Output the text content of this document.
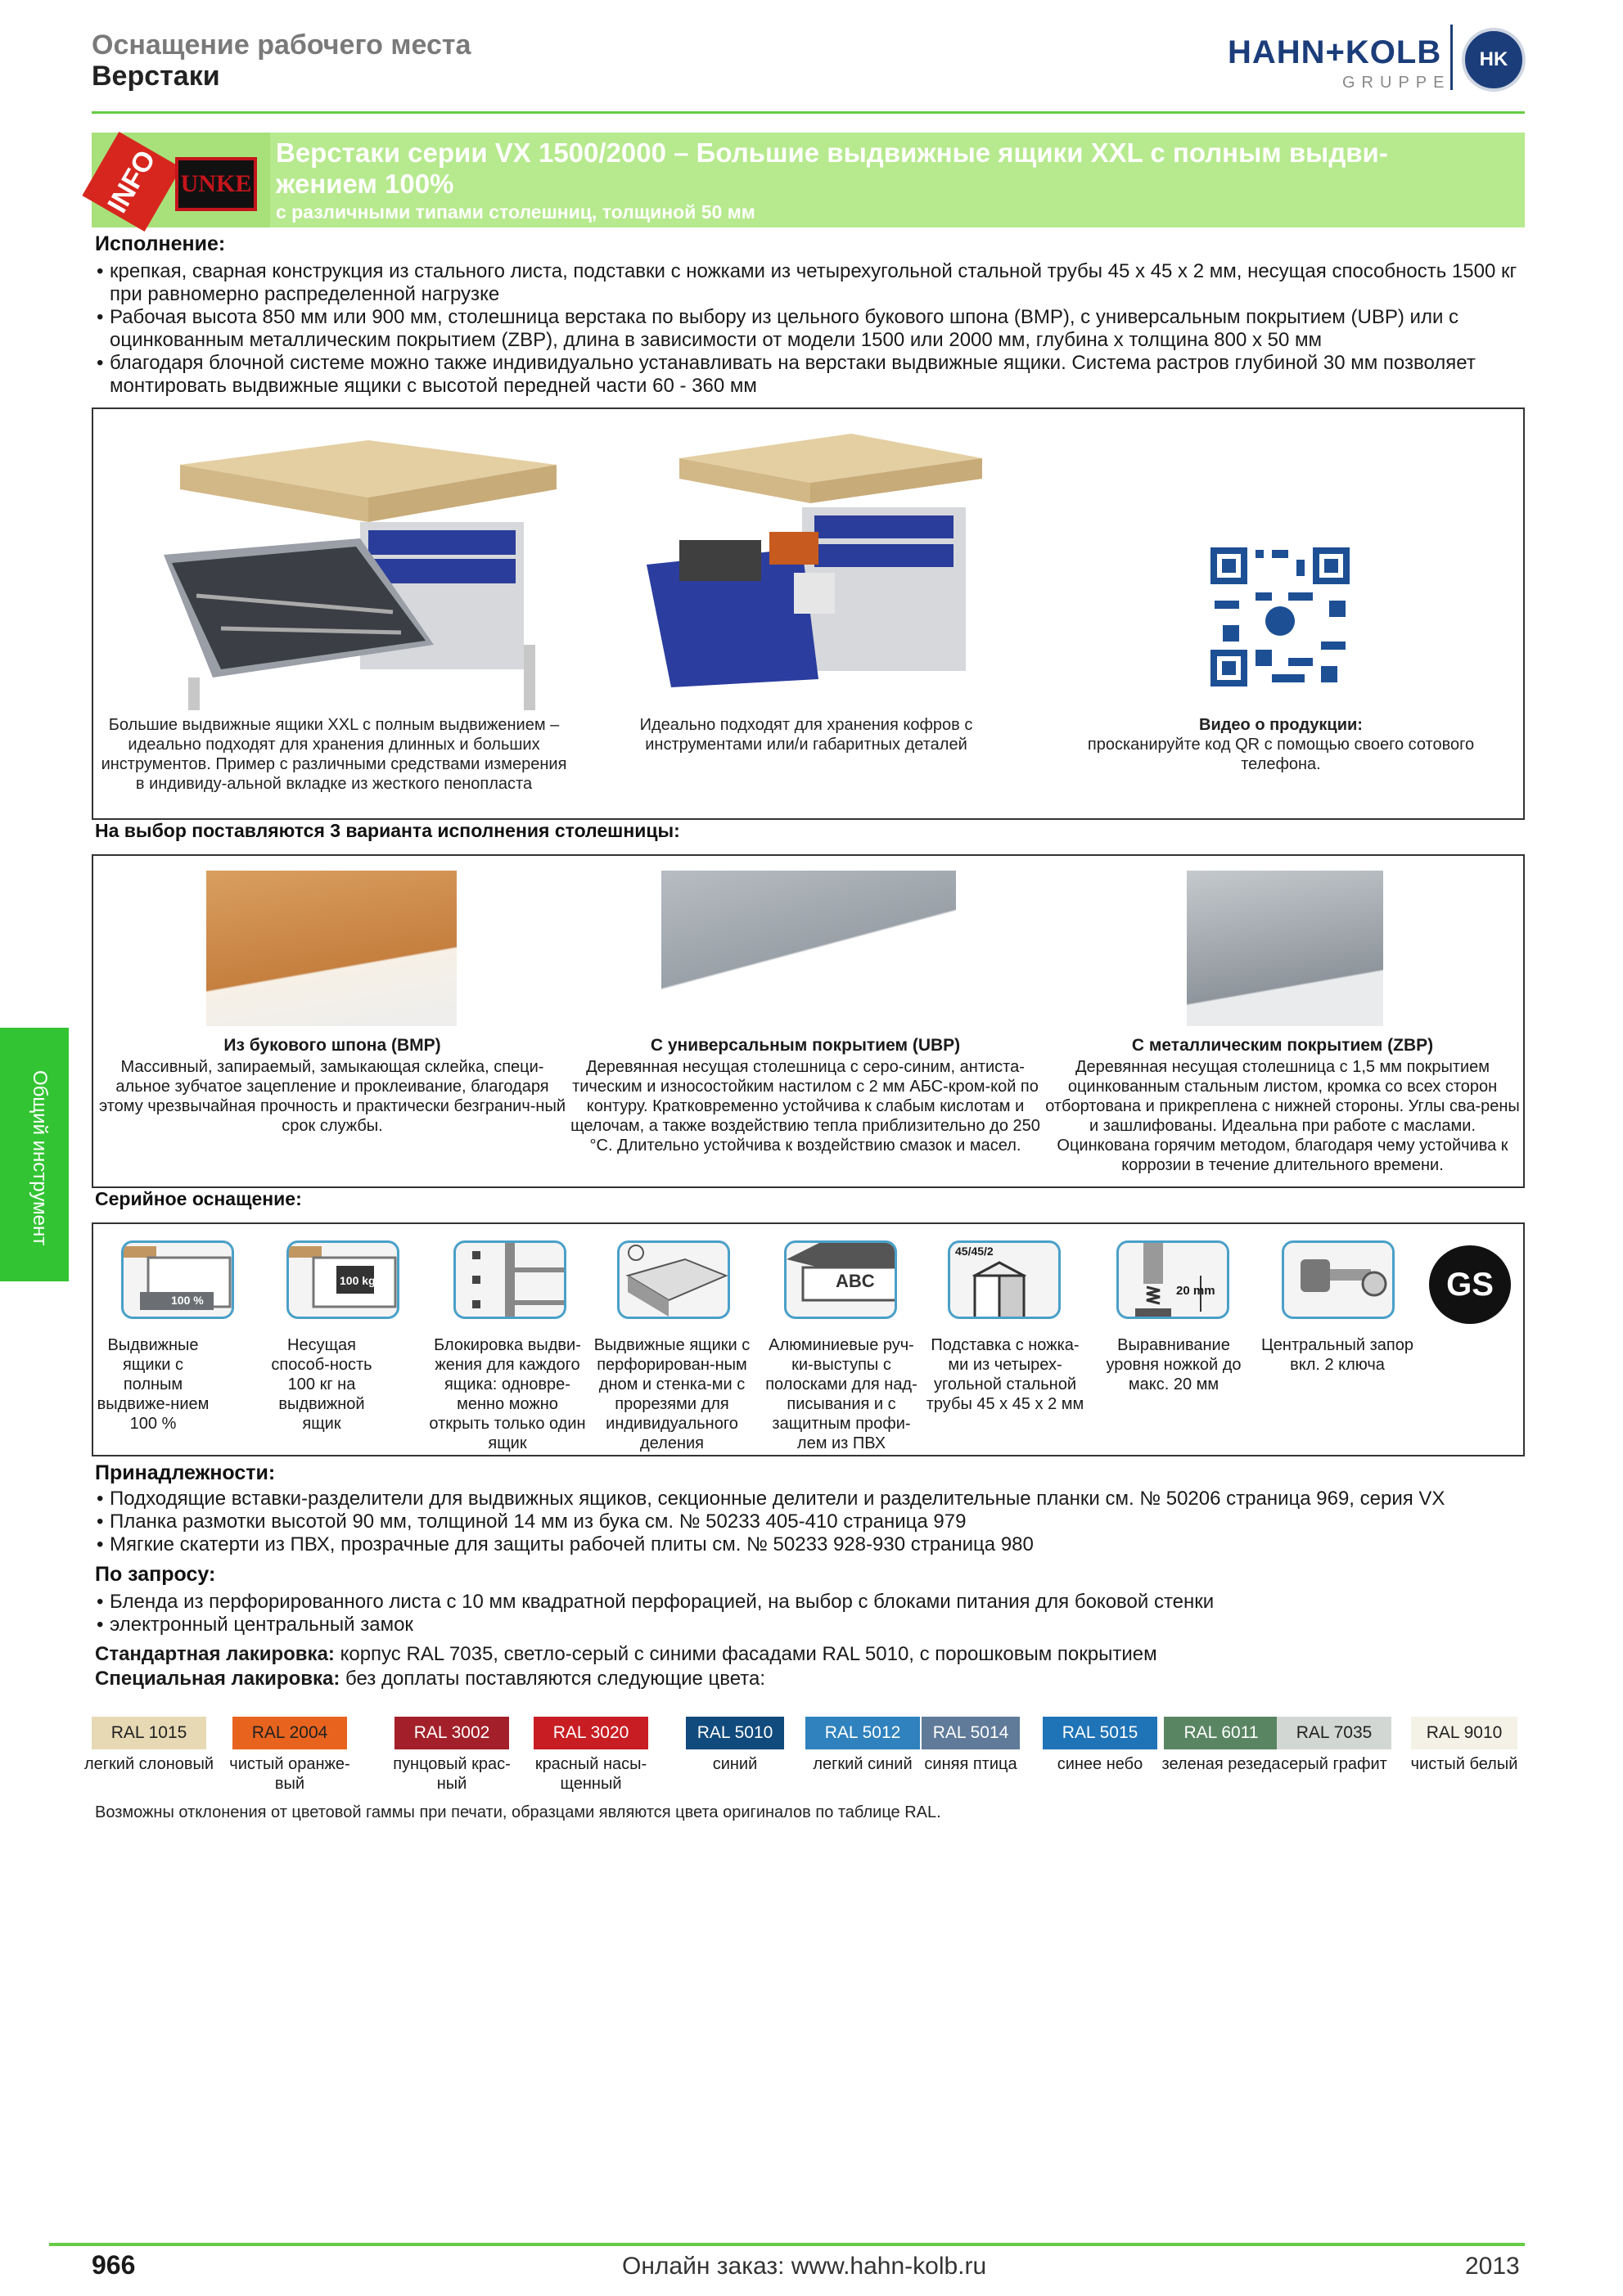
Оснащение рабочего места
Верстаки
HAHN+KOLB
GRUPPE
HK
INFO UNKE
Верстаки серии VX 1500/2000 – Большие выдвижные ящики XXL с полным выдви-жением 100%
с различными типами столешниц, толщиной 50 мм
Исполнение:
• крепкая, сварная конструкция из стального листа, подставки с ножками из четырехугольной стальной трубы 45 x 45 x 2 мм, несущая способность 1500 кг при равномерно распределенной нагрузке
• Рабочая высота 850 мм или 900 мм, столешница верстака по выбору из цельного букового шпона (BMP), с универсальным покрытием (UBP) или с оцинкованным металлическим покрытием (ZBP), длина в зависимости от модели 1500 или 2000 мм, глубина x толщина 800 x 50 мм
• благодаря блочной системе можно также индивидуально устанавливать на верстаки выдвижные ящики. Система растров глубиной 30 мм позволяет монтировать выдвижные ящики с высотой передней части 60 - 360 мм
Большие выдвижные ящики XXL с полным выдвижением – идеально подходят для хранения длинных и больших инструментов. Пример с различными средствами измерения в индивиду-альной вкладке из жесткого пенопласта
Идеально подходят для хранения кофров с инструментами или/и габаритных деталей
Видео о продукции:
просканируйте код QR с помощью своего сотового телефона.
На выбор поставляются 3 варианта исполнения столешницы:
Из букового шпона (BMP)
Массивный, запираемый, замыкающая склейка, специ-альное зубчатое зацепление и проклеивание, благодаря этому чрезвычайная прочность и практически безгранич-ный срок службы.
С универсальным покрытием (UBP)
Деревянная несущая столешница с серо-синим, антиста-тическим и износостойким настилом с 2 мм АБС-кром-кой по контуру. Кратковременно устойчива к слабым кислотам и щелочам, а также воздействию тепла приблизительно до 250 °C. Длительно устойчива к воздействию смазок и масел.
С металлическим покрытием (ZBP)
Деревянная несущая столешница с 1,5 мм покрытием оцинкованным стальным листом, кромка со всех сторон отбортована и прикреплена с нижней стороны. Углы сва-рены и зашлифованы. Идеальна при работе с маслами. Оцинкована горячим методом, благодаря чему устойчива к коррозии в течение длительного времени.
Серийное оснащение:
100 %
100 kg	ABC
45/45/2
20 mm	GS
Выдвижные ящики с полным выдвиже-нием 100 %
Несущая способ-ность 100 кг на выдвижной ящик
Блокировка выдви-жения для каждого ящика: одновре-менно можно открыть только один ящик
Выдвижные ящики с перфорирован-ным дном и стенка-ми с прорезями для индивидуального деления
Алюминиевые руч-ки-выступы с полосками для над-писывания и с защитным профи-лем из ПВХ
Подставка с ножка-ми из четырех-угольной стальной трубы 45 x 45 x 2 мм
Выравнивание уровня ножкой до макс. 20 мм
Центральный запор вкл. 2 ключа
Принадлежности:
• Подходящие вставки-разделители для выдвижных ящиков, секционные делители и разделительные планки см. № 50206 страница 969, серия VX
• Планка размотки высотой 90 мм, толщиной 14 мм из бука см. № 50233 405-410 страница 979
• Мягкие скатерти из ПВХ, прозрачные для защиты рабочей плиты см. № 50233 928-930 страница 980
По запросу:
• Бленда из перфорированного листа с 10 мм квадратной перфорацией, на выбор с блоками питания для боковой стенки
• электронный центральный замок
Стандартная лакировка: корпус RAL 7035, светло-серый с синими фасадами RAL 5010, с порошковым покрытием
Специальная лакировка: без доплаты поставляются следующие цвета:
RAL 1015
легкий слоновый
RAL 2004
чистый оранже-вый
RAL 3002
пунцовый крас-ный
RAL 3020
красный насы-щенный
RAL 5010
синий
RAL 5012
легкий синий
RAL 5014
синяя птица
RAL 5015
синее небо
RAL 6011
зеленая резеда
RAL 7035
серый графит
RAL 9010
чистый белый
Возможны отклонения от цветовой гаммы при печати, образцами являются цвета оригиналов по таблице RAL.
Общий инструмент
966	Онлайн заказ: www.hahn-kolb.ru	2013
